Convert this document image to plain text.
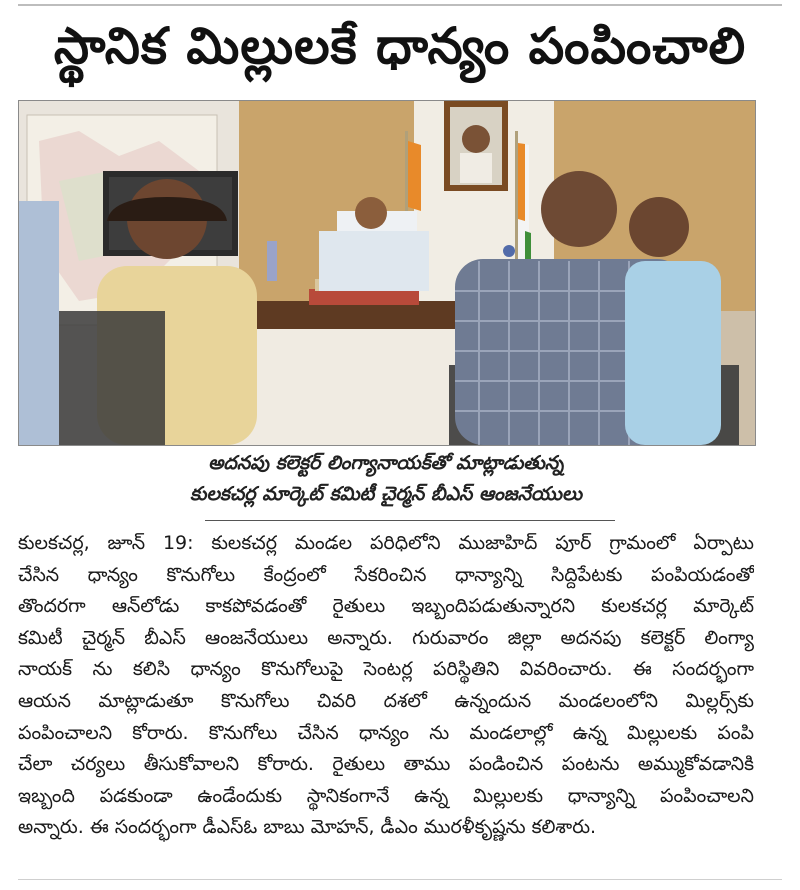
స్థానిక మిల్లులకే ధాన్యం పంపించాలి
అదనపు కలెక్టర్ లింగ్యానాయక్‌తో మాట్లాడుతున్న
కులకచర్ల మార్కెట్ కమిటీ చైర్మన్ బీఎస్ ఆంజనేయులు
కులకచర్ల, జూన్ 19: కులకచర్ల మండల పరిధిలోని ముజాహిద్ పూర్ గ్రామంలో ఏర్పాటు
చేసిన ధాన్యం కొనుగోలు కేంద్రంలో సేకరించిన ధాన్యాన్ని సిద్దిపేటకు పంపియడంతో
తొందరగా ఆన్‌లోడు కాకపోవడంతో రైతులు ఇబ్బందిపడుతున్నారని కులకచర్ల మార్కెట్
కమిటీ చైర్మన్ బీఎస్ ఆంజనేయులు అన్నారు. గురువారం జిల్లా అదనపు కలెక్టర్ లింగ్యా
నాయక్ ను కలిసి ధాన్యం కొనుగోలుపై సెంటర్ల పరిస్థితిని వివరించారు. ఈ సందర్భంగా
ఆయన మాట్లాడుతూ కొనుగోలు చివరి దశలో ఉన్నందున మండలంలోని మిల్లర్స్‌కు
పంపించాలని కోరారు. కొనుగోలు చేసిన ధాన్యం ను మండలాల్లో ఉన్న మిల్లులకు పంపి
చేలా చర్యలు తీసుకోవాలని కోరారు. రైతులు తాము పండించిన పంటను అమ్ముకోవడానికి
ఇబ్బంది పడకుండా ఉండేందుకు స్థానికంగానే ఉన్న మిల్లులకు ధాన్యాన్ని పంపించాలని
అన్నారు. ఈ సందర్భంగా డీఎస్ఓ బాబు మోహన్, డీఎం మురళీకృష్ణను కలిశారు.
